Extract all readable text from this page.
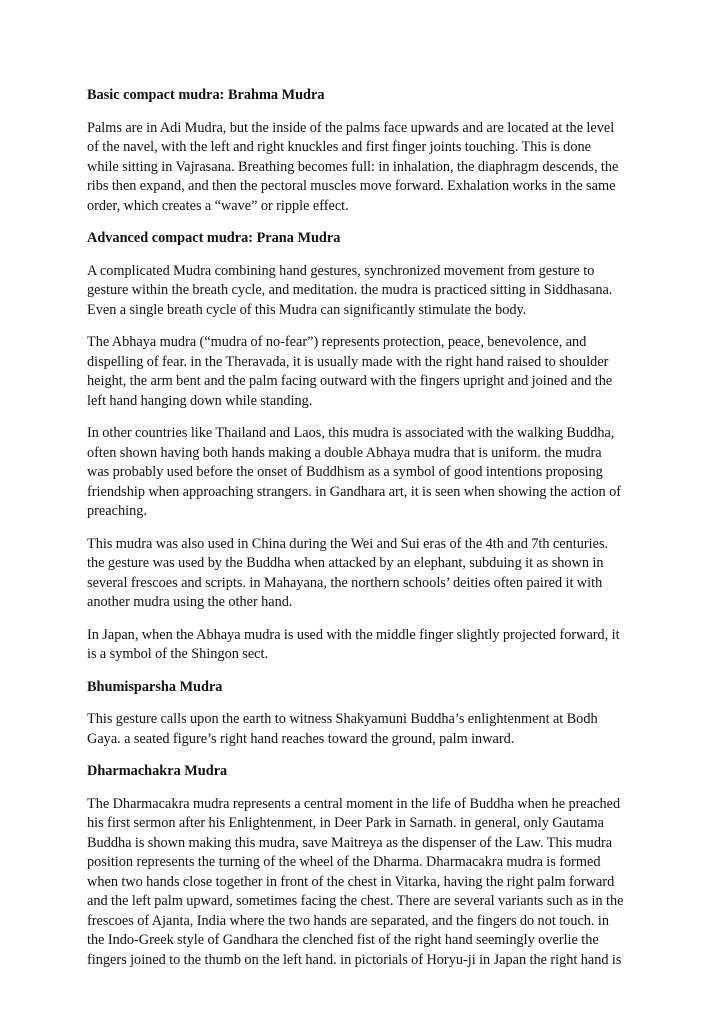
Basic compact mudra: Brahma Mudra
Palms are in Adi Mudra, but the inside of the palms face upwards and are located at the level
of the navel, with the left and right knuckles and first finger joints touching. This is done
while sitting in Vajrasana. Breathing becomes full: in inhalation, the diaphragm descends, the
ribs then expand, and then the pectoral muscles move forward. Exhalation works in the same
order, which creates a “wave” or ripple effect.
Advanced compact mudra: Prana Mudra
A complicated Mudra combining hand gestures, synchronized movement from gesture to
gesture within the breath cycle, and meditation. the mudra is practiced sitting in Siddhasana.
Even a single breath cycle of this Mudra can significantly stimulate the body.
The Abhaya mudra (“mudra of no-fear”) represents protection, peace, benevolence, and
dispelling of fear. in the Theravada, it is usually made with the right hand raised to shoulder
height, the arm bent and the palm facing outward with the fingers upright and joined and the
left hand hanging down while standing.
In other countries like Thailand and Laos, this mudra is associated with the walking Buddha,
often shown having both hands making a double Abhaya mudra that is uniform. the mudra
was probably used before the onset of Buddhism as a symbol of good intentions proposing
friendship when approaching strangers. in Gandhara art, it is seen when showing the action of
preaching.
This mudra was also used in China during the Wei and Sui eras of the 4th and 7th centuries.
the gesture was used by the Buddha when attacked by an elephant, subduing it as shown in
several frescoes and scripts. in Mahayana, the northern schools’ deities often paired it with
another mudra using the other hand.
In Japan, when the Abhaya mudra is used with the middle finger slightly projected forward, it
is a symbol of the Shingon sect.
Bhumisparsha Mudra
This gesture calls upon the earth to witness Shakyamuni Buddha’s enlightenment at Bodh
Gaya. a seated figure’s right hand reaches toward the ground, palm inward.
Dharmachakra Mudra
The Dharmacakra mudra represents a central moment in the life of Buddha when he preached
his first sermon after his Enlightenment, in Deer Park in Sarnath. in general, only Gautama
Buddha is shown making this mudra, save Maitreya as the dispenser of the Law. This mudra
position represents the turning of the wheel of the Dharma. Dharmacakra mudra is formed
when two hands close together in front of the chest in Vitarka, having the right palm forward
and the left palm upward, sometimes facing the chest. There are several variants such as in the
frescoes of Ajanta, India where the two hands are separated, and the fingers do not touch. in
the Indo-Greek style of Gandhara the clenched fist of the right hand seemingly overlie the
fingers joined to the thumb on the left hand. in pictorials of Horyu-ji in Japan the right hand is
